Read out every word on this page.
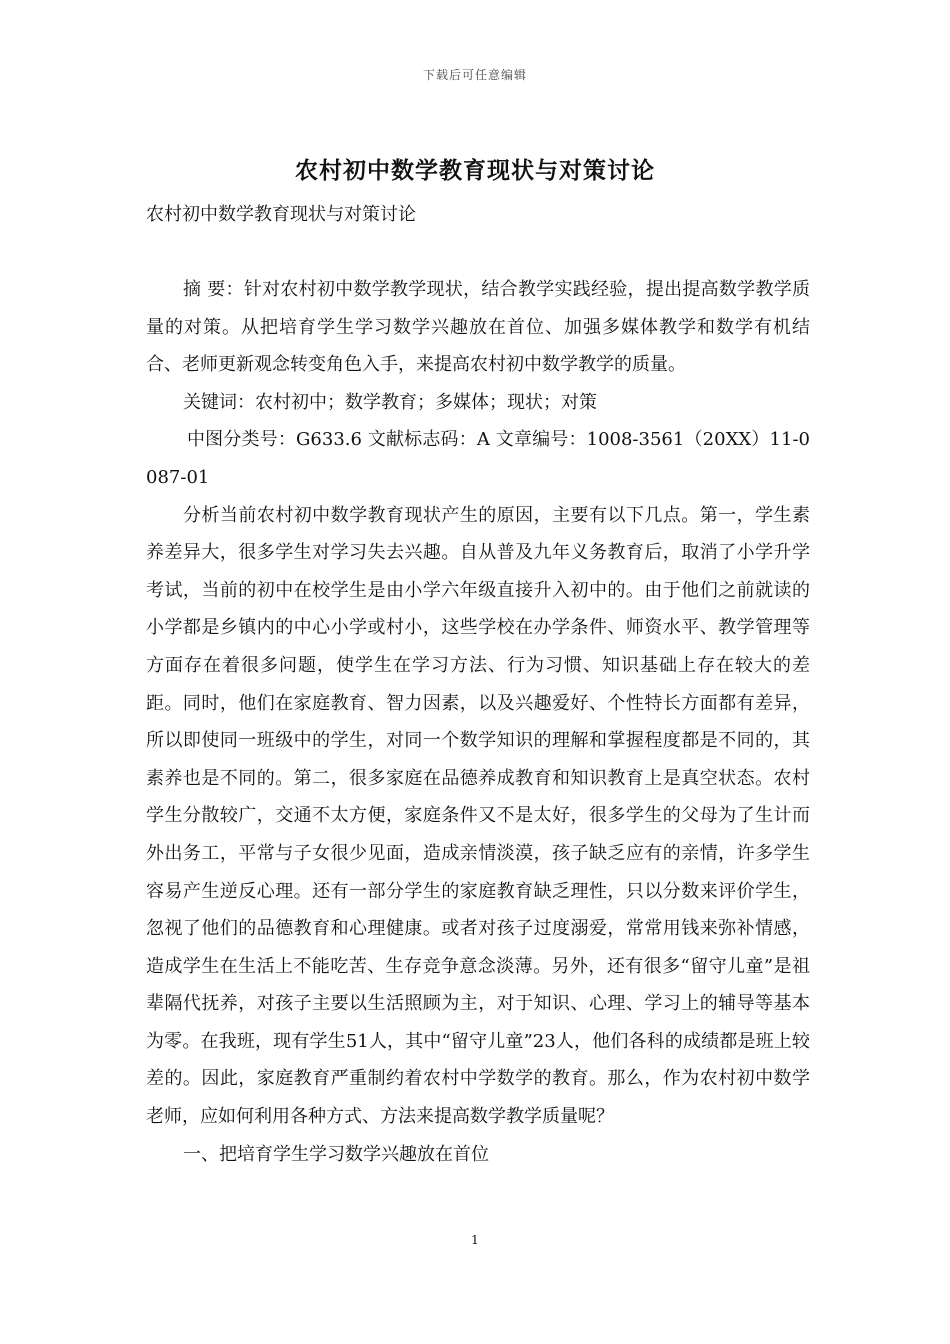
下载后可任意编辑
农村初中数学教育现状与对策讨论

农村初中数学教育现状与对策讨论

摘 要：针对农村初中数学教学现状，结合教学实践经验，提出提高数学教学质量的对策。从把培育学生学习数学兴趣放在首位、加强多媒体教学和数学有机结合、老师更新观念转变角色入手，来提高农村初中数学教学的质量。

关键词：农村初中；数学教育；多媒体；现状；对策

中图分类号：G633.6 文献标志码：A 文章编号：1008-3561（20XX）11-0087-01

分析当前农村初中数学教育现状产生的原因，主要有以下几点。第一，学生素养差异大，很多学生对学习失去兴趣。自从普及九年义务教育后，取消了小学升学考试，当前的初中在校学生是由小学六年级直接升入初中的。由于他们之前就读的小学都是乡镇内的中心小学或村小，这些学校在办学条件、师资水平、教学管理等方面存在着很多问题，使学生在学习方法、行为习惯、知识基础上存在较大的差距。同时，他们在家庭教育、智力因素，以及兴趣爱好、个性特长方面都有差异，所以即使同一班级中的学生，对同一个数学知识的理解和掌握程度都是不同的，其素养也是不同的。第二，很多家庭在品德养成教育和知识教育上是真空状态。农村学生分散较广，交通不太方便，家庭条件又不是太好，很多学生的父母为了生计而外出务工，平常与子女很少见面，造成亲情淡漠，孩子缺乏应有的亲情，许多学生容易产生逆反心理。还有一部分学生的家庭教育缺乏理性，只以分数来评价学生，忽视了他们的品德教育和心理健康。或者对孩子过度溺爱，常常用钱来弥补情感，造成学生在生活上不能吃苦、生存竞争意念淡薄。另外，还有很多“留守儿童”是祖辈隔代抚养，对孩子主要以生活照顾为主，对于知识、心理、学习上的辅导等基本为零。在我班，现有学生51人，其中“留守儿童”23人，他们各科的成绩都是班上较差的。因此，家庭教育严重制约着农村中学数学的教育。那么，作为农村初中数学老师，应如何利用各种方式、方法来提高数学教学质量呢？

一、把培育学生学习数学兴趣放在首位

1
